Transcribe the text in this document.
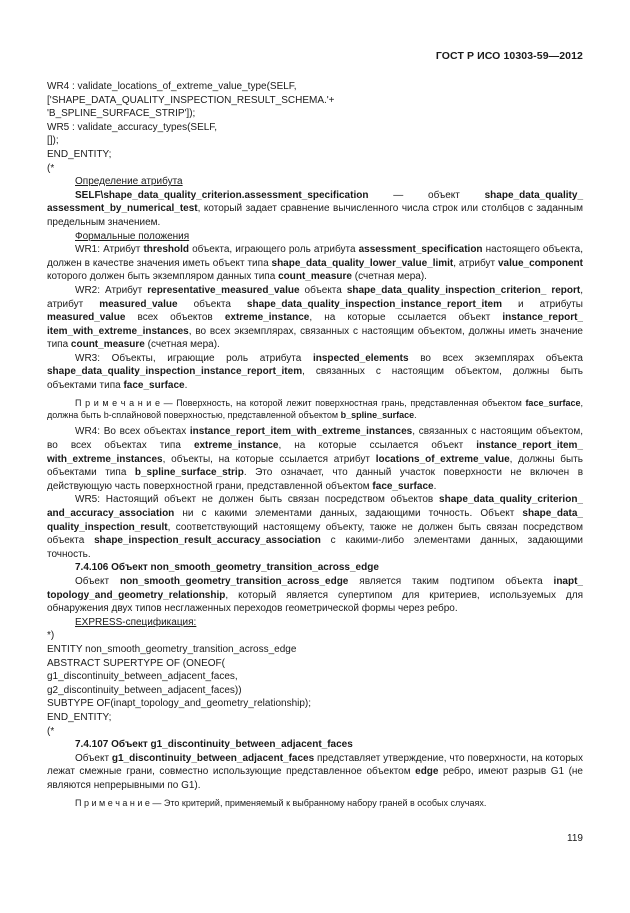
ГОСТ Р ИСО 10303-59—2012
WR4 : validate_locations_of_extreme_value_type(SELF,
['SHAPE_DATA_QUALITY_INSPECTION_RESULT_SCHEMA.'+
'B_SPLINE_SURFACE_STRIP']);
WR5 : validate_accuracy_types(SELF,
[]);
END_ENTITY;
(*
Определение атрибута
SELF\shape_data_quality_criterion.assessment_specification — объект shape_data_quality_ assessment_by_numerical_test, который задает сравнение вычисленного числа строк или столбцов с заданным предельным значением.
Формальные положения
WR1: Атрибут threshold объекта, играющего роль атрибута assessment_specification настоящего объекта, должен в качестве значения иметь объект типа shape_data_quality_lower_value_limit, атрибут value_component которого должен быть экземпляром данных типа count_measure (счетная мера).
WR2: Атрибут representative_measured_value объекта shape_data_quality_inspection_criterion_ report, атрибут measured_value объекта shape_data_quality_inspection_instance_report_item и атрибуты measured_value всех объектов extreme_instance, на которые ссылается объект instance_report_ item_with_extreme_instances, во всех экземплярах, связанных с настоящим объектом, должны иметь значение типа count_measure (счетная мера).
WR3: Объекты, играющие роль атрибута inspected_elements во всех экземплярах объекта shape_data_quality_inspection_instance_report_item, связанных с настоящим объектом, должны быть объектами типа face_surface.
П р и м е ч а н и е — Поверхность, на которой лежит поверхностная грань, представленная объектом face_surface, должна быть b-сплайновой поверхностью, представленной объектом b_spline_surface.
WR4: Во всех объектах instance_report_item_with_extreme_instances, связанных с настоящим объектом, во всех объектах типа extreme_instance, на которые ссылается объект instance_report_item_ with_extreme_instances, объекты, на которые ссылается атрибут locations_of_extreme_value, должны быть объектами типа b_spline_surface_strip. Это означает, что данный участок поверхности не включен в действующую часть поверхностной грани, представленной объектом face_surface.
WR5: Настоящий объект не должен быть связан посредством объектов shape_data_quality_criterion_ and_accuracy_association ни с какими элементами данных, задающими точность. Объект shape_data_ quality_inspection_result, соответствующий настоящему объекту, также не должен быть связан посредством объекта shape_inspection_result_accuracy_association с какими-либо элементами данных, задающими точность.
7.4.106 Объект non_smooth_geometry_transition_across_edge
Объект non_smooth_geometry_transition_across_edge является таким подтипом объекта inapt_ topology_and_geometry_relationship, который является супертипом для критериев, используемых для обнаружения двух типов несглаженных переходов геометрической формы через ребро.
EXPRESS-спецификация:
*)
ENTITY non_smooth_geometry_transition_across_edge
ABSTRACT SUPERTYPE OF (ONEOF(
g1_discontinuity_between_adjacent_faces,
g2_discontinuity_between_adjacent_faces))
SUBTYPE OF(inapt_topology_and_geometry_relationship);
END_ENTITY;
(*
7.4.107 Объект g1_discontinuity_between_adjacent_faces
Объект g1_discontinuity_between_adjacent_faces представляет утверждение, что поверхности, на которых лежат смежные грани, совместно использующие представленное объектом edge ребро, имеют разрыв G1 (не являются непрерывными по G1).
П р и м е ч а н и е — Это критерий, применяемый к выбранному набору граней в особых случаях.
119
